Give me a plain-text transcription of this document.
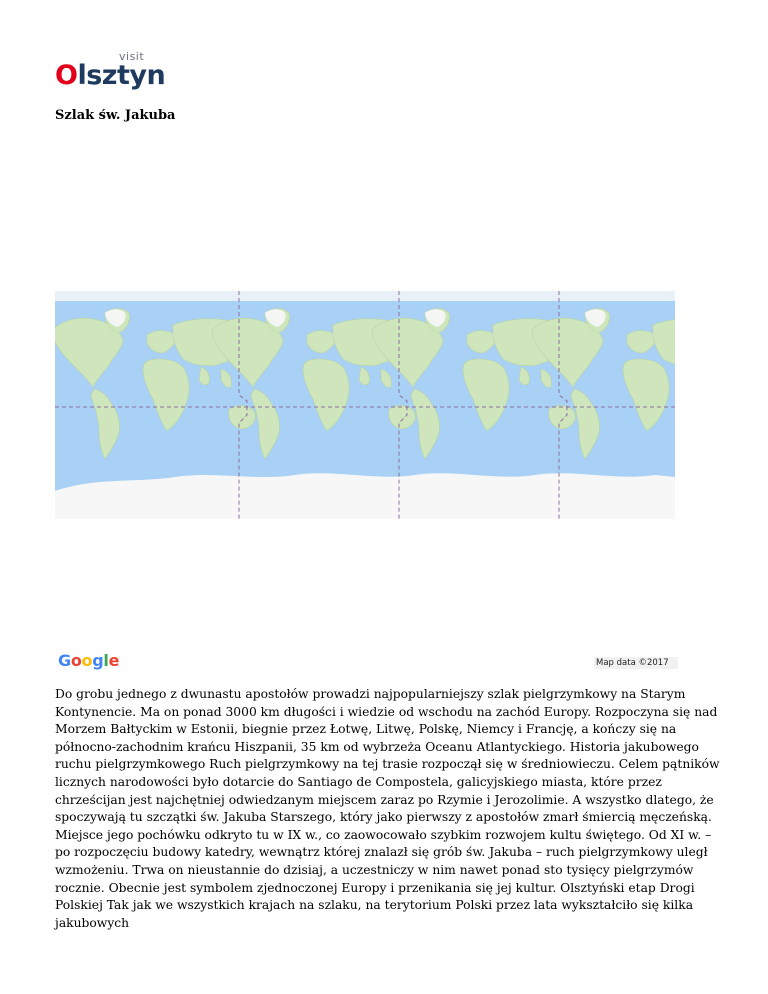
visit
Olsztyn
Szlak św. Jakuba
Google	Map data ©2017
Do grobu jednego z dwunastu apostołów prowadzi najpopularniejszy szlak pielgrzymkowy na Starym Kontynencie. Ma on ponad 3000 km długości i wiedzie od wschodu na zachód Europy. Rozpoczyna się nad Morzem Bałtyckim w Estonii, biegnie przez Łotwę, Litwę, Polskę, Niemcy i Francję, a kończy się na północno-zachodnim krańcu Hiszpanii, 35 km od wybrzeża Oceanu Atlantyckiego. Historia jakubowego ruchu pielgrzymkowego Ruch pielgrzymkowy na tej trasie rozpoczął się w średniowieczu. Celem pątników licznych narodowości było dotarcie do Santiago de Compostela, galicyjskiego miasta, które przez chrześcijan jest najchętniej odwiedzanym miejscem zaraz po Rzymie i Jerozolimie. A wszystko dlatego, że spoczywają tu szczątki św. Jakuba Starszego, który jako pierwszy z apostołów zmarł śmiercią męczeńską. Miejsce jego pochówku odkryto tu w IX w., co zaowocowało szybkim rozwojem kultu świętego. Od XI w. – po rozpoczęciu budowy katedry, wewnątrz której znalazł się grób św. Jakuba – ruch pielgrzymkowy uległ wzmożeniu. Trwa on nieustannie do dzisiaj, a uczestniczy w nim nawet ponad sto tysięcy pielgrzymów rocznie. Obecnie jest symbolem zjednoczonej Europy i przenikania się jej kultur. Olsztyński etap Drogi Polskiej Tak jak we wszystkich krajach na szlaku, na terytorium Polski przez lata wykształciło się kilka jakubowych
